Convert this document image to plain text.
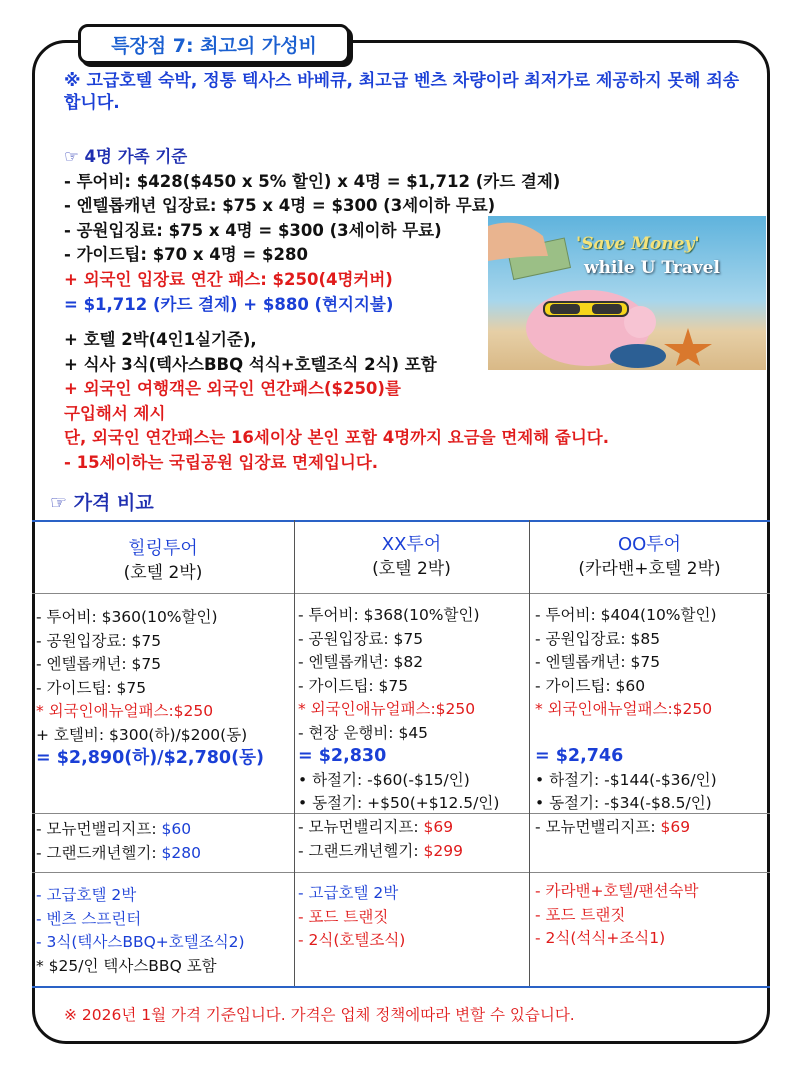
특장점 7: 최고의 가성비
※ 고급호텔 숙박, 정통 텍사스 바베큐, 최고급 벤츠 차량이라 최저가로 제공하지 못해 죄송합니다.
☞ 4명 가족 기준
- 투어비: $428($450 x 5% 할인) x 4명 = $1,712 (카드 결제)
- 엔텔롭캐년 입장료: $75 x 4명 = $300 (3세이하 무료)
- 공원입징료: $75 x 4명 = $300 (3세이하 무료)
- 가이드팁: $70 x 4명 = $280
+ 외국인 입장료 연간 패스: $250(4명커버)
= $1,712 (카드 결제) + $880 (현지지불)
+ 호텔 2박(4인1실기준),
+ 식사 3식(텍사스BBQ 석식+호텔조식 2식) 포함
+ 외국인 여행객은 외국인 연간패스($250)를
구입해서 제시
단, 외국인 연간패스는 16세이상 본인 포함 4명까지 요금을 면제해 줍니다.
- 15세이하는 국립공원 입장료 면제입니다.
'Save Money'
while U Travel
☞ 가격 비교
힐링투어
(호텔 2박)
XX투어
(호텔 2박)
OO투어
(카라밴+호텔 2박)
- 투어비: $360(10%할인)
- 공원입장료: $75
- 엔텔롭캐년: $75
- 가이드팁: $75
* 외국인애뉴얼패스:$250
+ 호텔비: $300(하)/$200(동)
= $2,890(하)/$2,780(동)
- 모뉴먼밸리지프: $60
- 그랜드캐년헬기: $280
- 고급호텔 2박
- 벤츠 스프린터
- 3식(텍사스BBQ+호텔조식2)
* $25/인 텍사스BBQ 포함
- 투어비: $368(10%할인)
- 공원입장료: $75
- 엔텔롭캐년: $82
- 가이드팁: $75
* 외국인애뉴얼패스:$250
- 현장 운행비: $45
= $2,830
• 하절기: -$60(-$15/인)
• 동절기: +$50(+$12.5/인)
- 모뉴먼밸리지프: $69
- 그랜드캐년헬기: $299
- 고급호텔 2박
- 포드 트랜짓
- 2식(호텔조식)
- 투어비: $404(10%할인)
- 공원입장료: $85
- 엔텔롭캐년: $75
- 가이드팁: $60
* 외국인애뉴얼패스:$250
= $2,746
• 하절기: -$144(-$36/인)
• 동절기: -$34(-$8.5/인)
- 모뉴먼밸리지프: $69
- 카라밴+호텔/팬션숙박
- 포드 트랜짓
- 2식(석식+조식1)
※ 2026년 1월 가격 기준입니다. 가격은 업체 정책에따라 변할 수 있습니다.
